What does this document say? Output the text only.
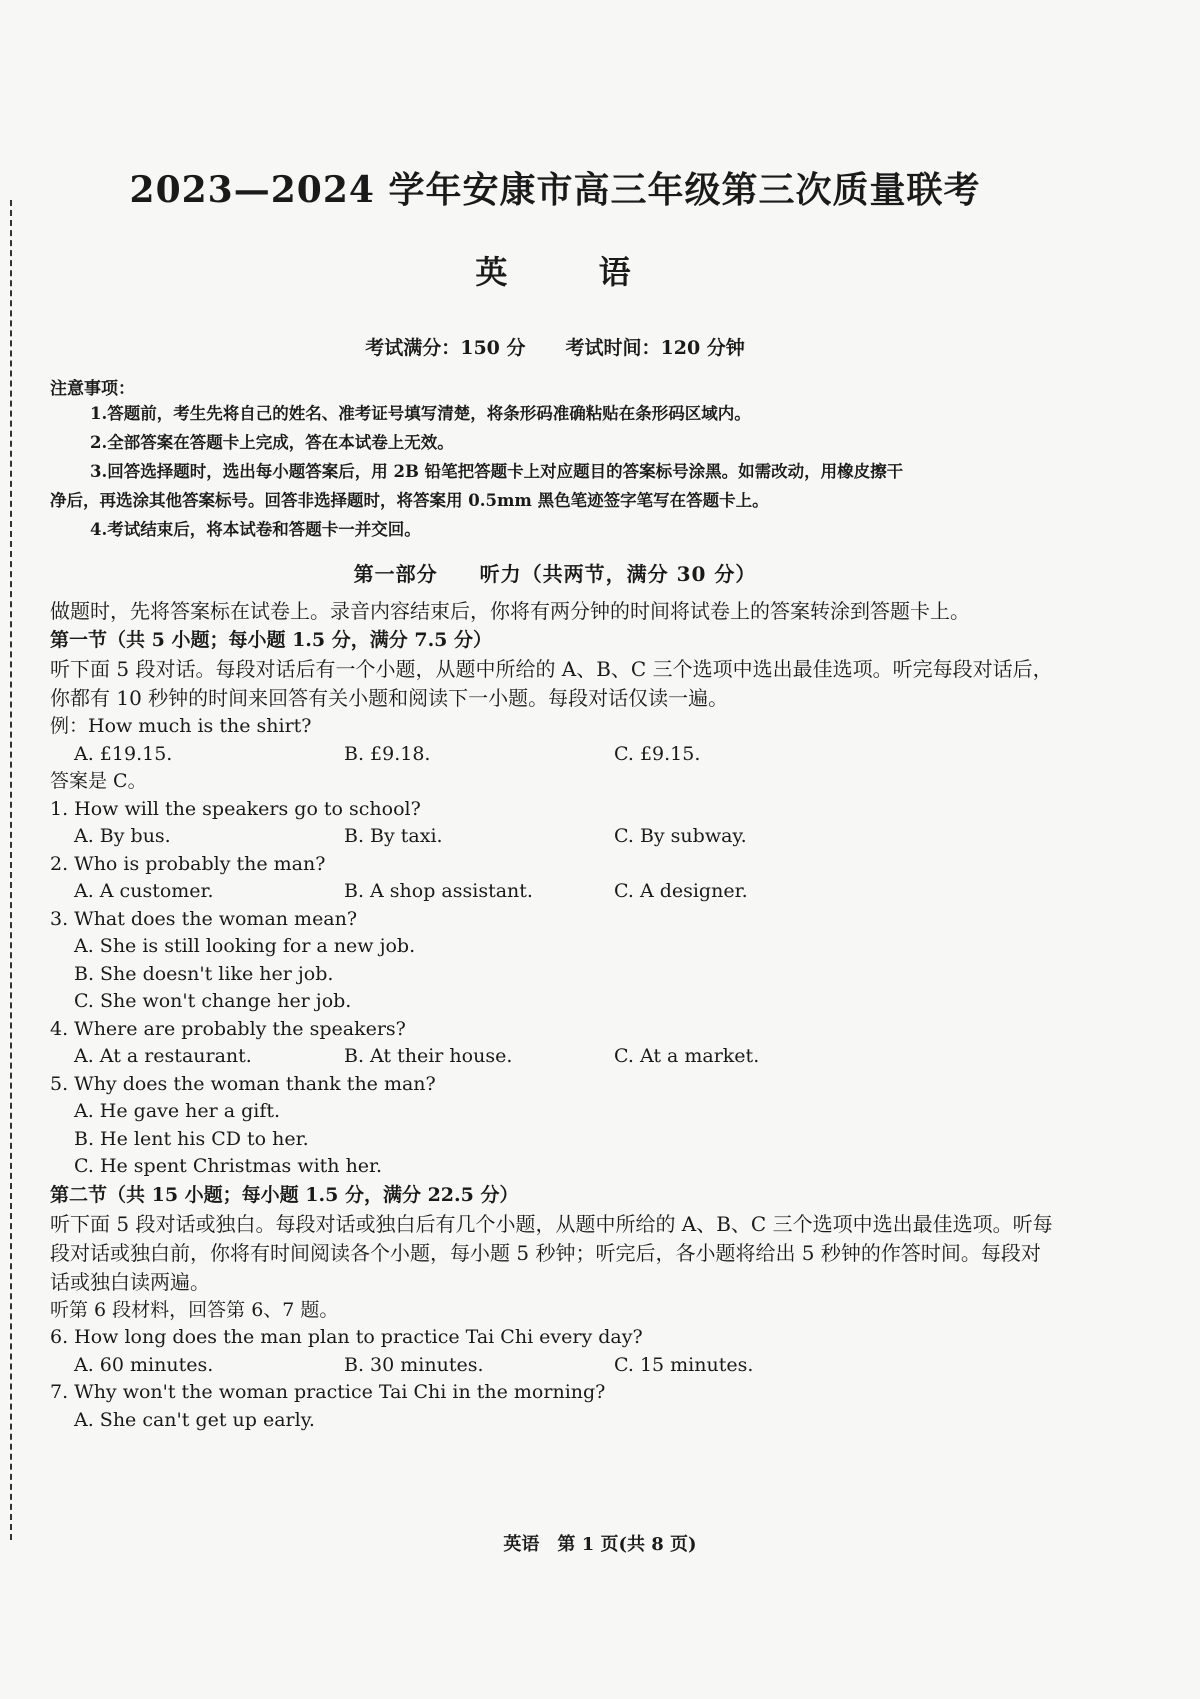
2023—2024 学年安康市高三年级第三次质量联考
英 语
考试满分：150 分 考试时间：120 分钟
注意事项：
1.答题前，考生先将自己的姓名、准考证号填写清楚，将条形码准确粘贴在条形码区域内。
2.全部答案在答题卡上完成，答在本试卷上无效。
3.回答选择题时，选出每小题答案后，用 2B 铅笔把答题卡上对应题目的答案标号涂黑。如需改动，用橡皮擦干
净后，再选涂其他答案标号。回答非选择题时，将答案用 0.5mm 黑色笔迹签字笔写在答题卡上。
4.考试结束后，将本试卷和答题卡一并交回。
第一部分　　听力（共两节，满分 30 分）
做题时，先将答案标在试卷上。录音内容结束后，你将有两分钟的时间将试卷上的答案转涂到答题卡上。
第一节（共 5 小题；每小题 1.5 分，满分 7.5 分）
听下面 5 段对话。每段对话后有一个小题，从题中所给的 A、B、C 三个选项中选出最佳选项。听完每段对话后，你都有 10 秒钟的时间来回答有关小题和阅读下一小题。每段对话仅读一遍。
例：How much is the shirt?
A. £19.15.	B. £9.18.	C. £9.15.
答案是 C。
1. How will the speakers go to school?
A. By bus.	B. By taxi.	C. By subway.
2. Who is probably the man?
A. A customer.	B. A shop assistant.	C. A designer.
3. What does the woman mean?
A. She is still looking for a new job.
B. She doesn't like her job.
C. She won't change her job.
4. Where are probably the speakers?
A. At a restaurant.	B. At their house.	C. At a market.
5. Why does the woman thank the man?
A. He gave her a gift.
B. He lent his CD to her.
C. He spent Christmas with her.
第二节（共 15 小题；每小题 1.5 分，满分 22.5 分）
听下面 5 段对话或独白。每段对话或独白后有几个小题，从题中所给的 A、B、C 三个选项中选出最佳选项。听每段对话或独白前，你将有时间阅读各个小题，每小题 5 秒钟；听完后，各小题将给出 5 秒钟的作答时间。每段对话或独白读两遍。
听第 6 段材料，回答第 6、7 题。
6. How long does the man plan to practice Tai Chi every day?
A. 60 minutes.	B. 30 minutes.	C. 15 minutes.
7. Why won't the woman practice Tai Chi in the morning?
A. She can't get up early.
英语　第 1 页(共 8 页)
